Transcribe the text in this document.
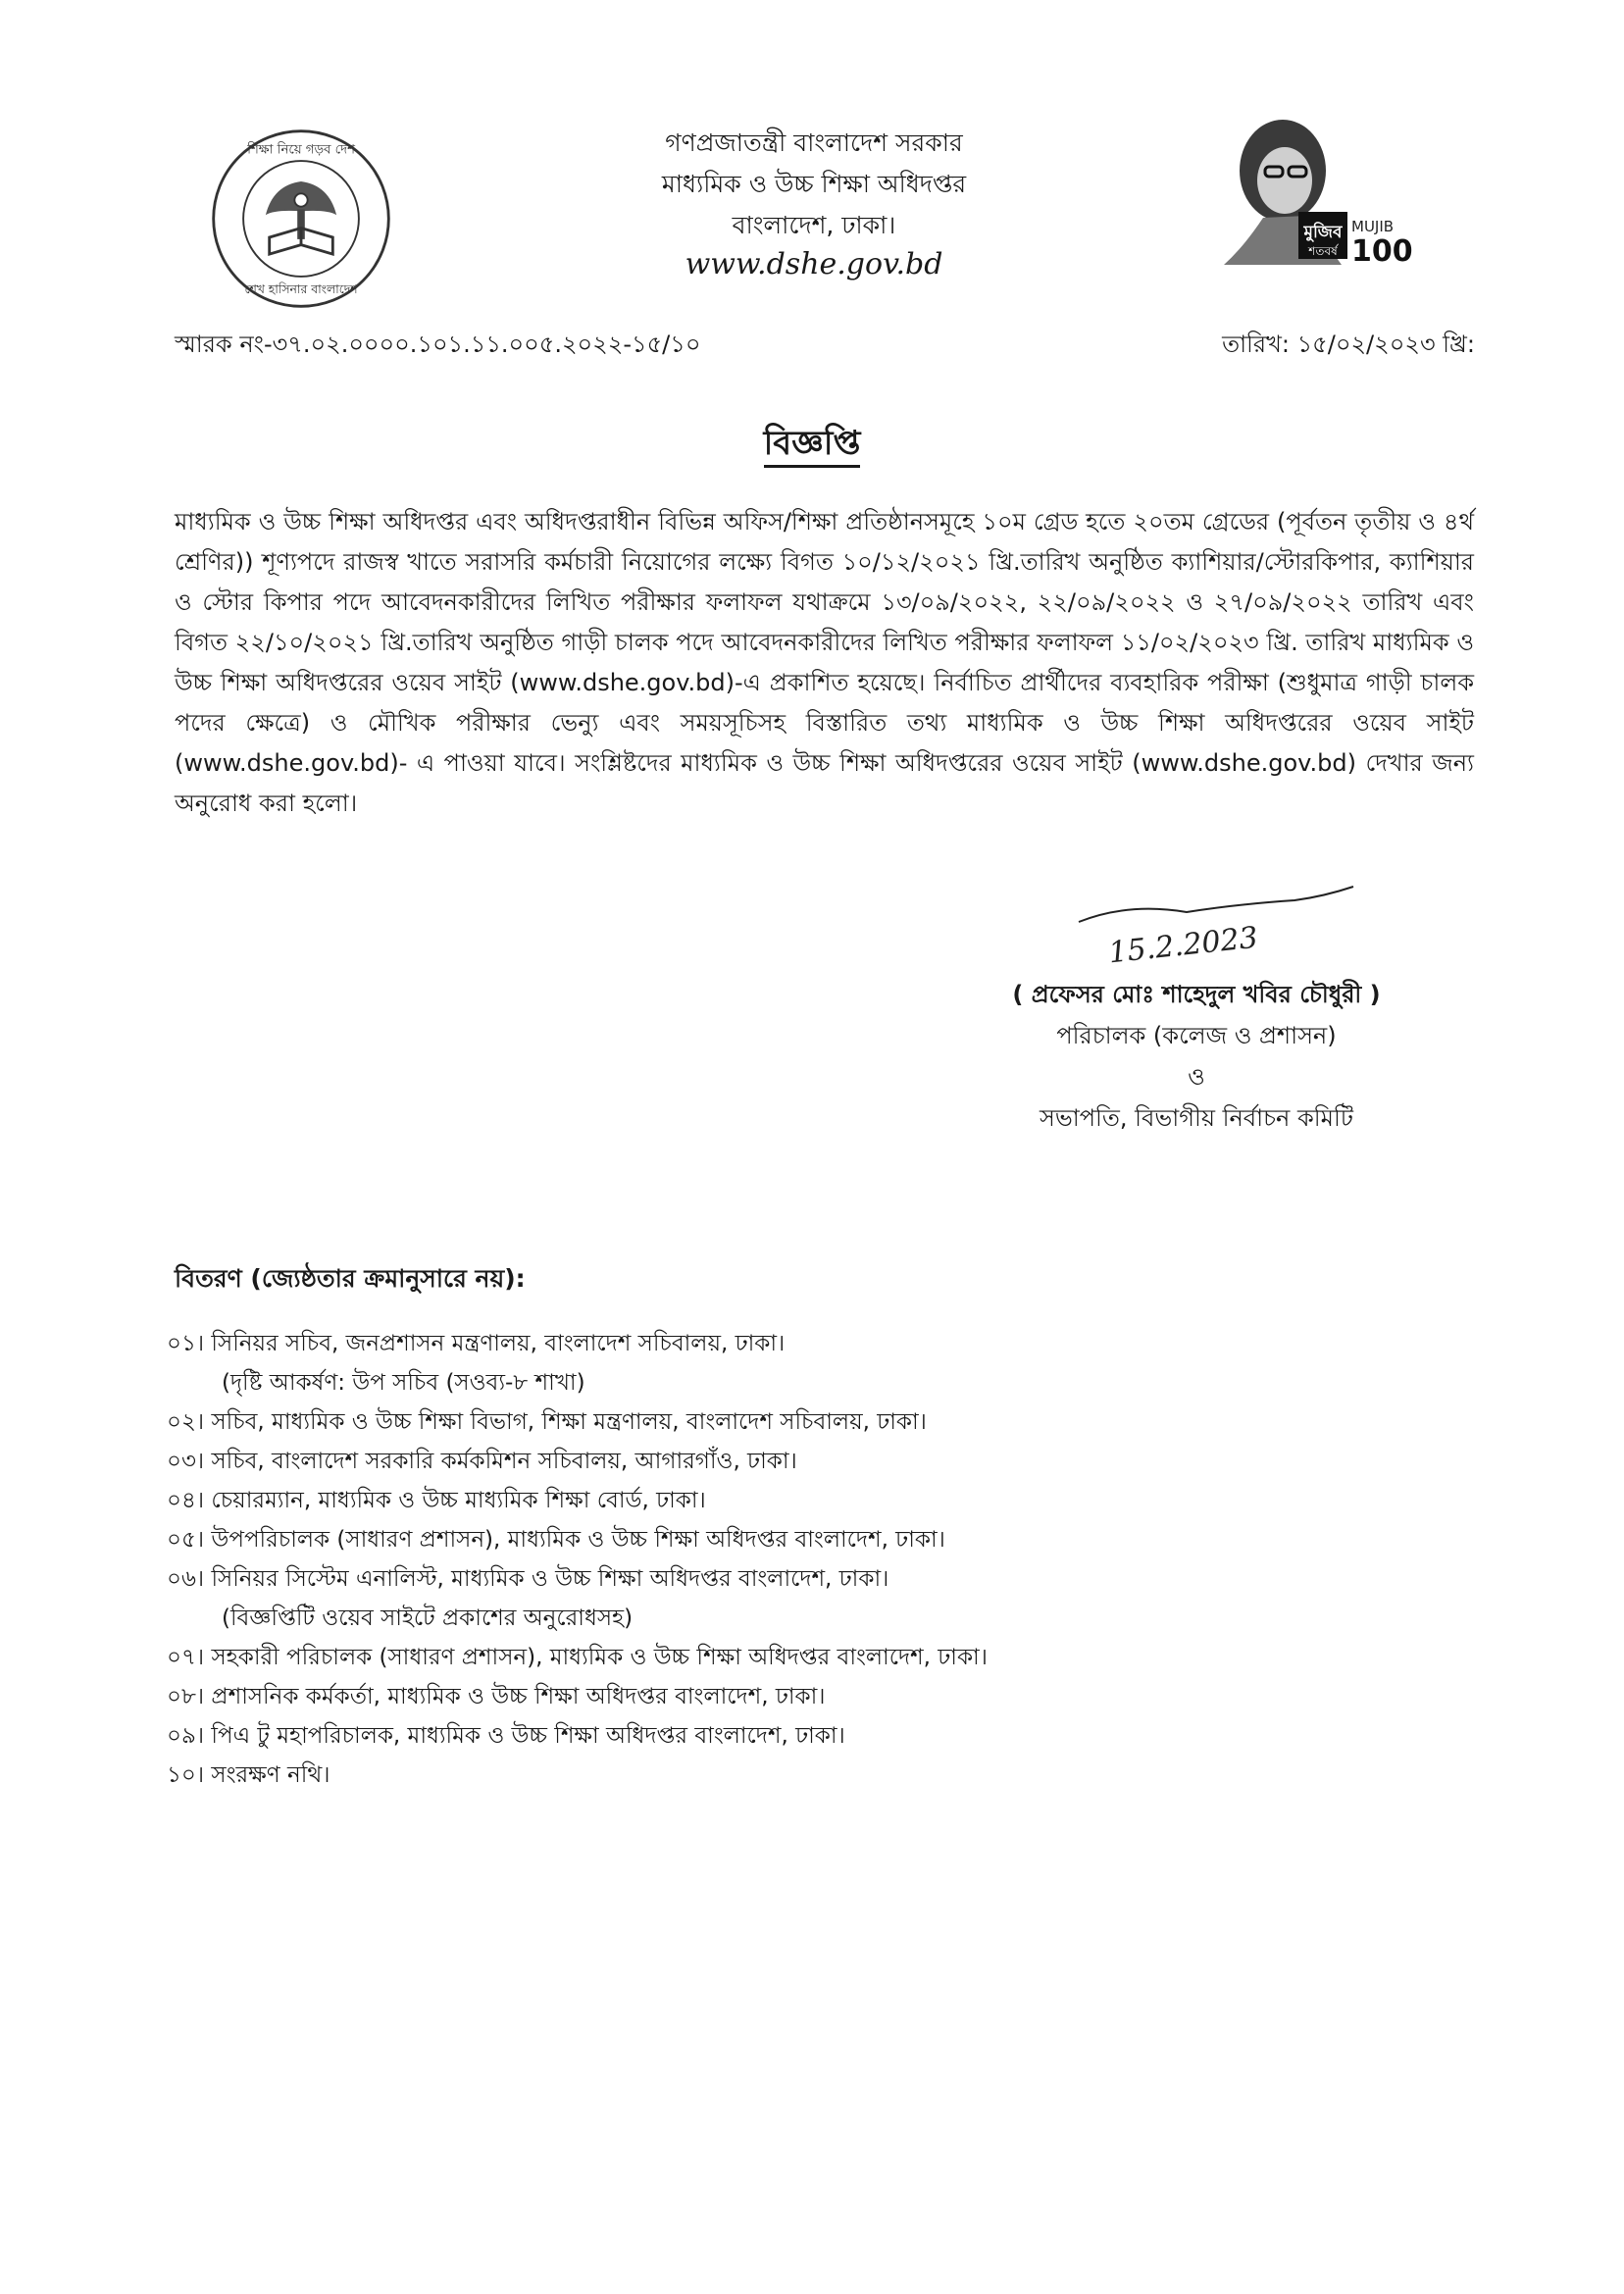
শিক্ষা নিয়ে গড়ব দেশ
শেখ হাসিনার বাংলাদেশ
গণপ্রজাতন্ত্রী বাংলাদেশ সরকার
মাধ্যমিক ও উচ্চ শিক্ষা অধিদপ্তর
বাংলাদেশ, ঢাকা।
www.dshe.gov.bd
মুজিব
শতবর্ষ
MUJIB
100
স্মারক নং-৩৭.০২.০০০০.১০১.১১.০০৫.২০২২-১৫/১০	তারিখ: ১৫/০২/২০২৩ খ্রি:
বিজ্ঞপ্তি
মাধ্যমিক ও উচ্চ শিক্ষা অধিদপ্তর এবং অধিদপ্তরাধীন বিভিন্ন অফিস/শিক্ষা প্রতিষ্ঠানসমূহে ১০ম গ্রেড হতে ২০তম গ্রেডের (পূর্বতন তৃতীয় ও ৪র্থ শ্রেণির)) শূণ্যপদে রাজস্ব খাতে সরাসরি কর্মচারী নিয়োগের লক্ষ্যে বিগত ১০/১২/২০২১ খ্রি.তারিখ অনুষ্ঠিত ক্যাশিয়ার/স্টোরকিপার, ক্যাশিয়ার ও স্টোর কিপার পদে আবেদনকারীদের লিখিত পরীক্ষার ফলাফল যথাক্রমে ১৩/০৯/২০২২, ২২/০৯/২০২২ ও ২৭/০৯/২০২২ তারিখ এবং বিগত ২২/১০/২০২১ খ্রি.তারিখ অনুষ্ঠিত গাড়ী চালক পদে আবেদনকারীদের লিখিত পরীক্ষার ফলাফল ১১/০২/২০২৩ খ্রি. তারিখ মাধ্যমিক ও উচ্চ শিক্ষা অধিদপ্তরের ওয়েব সাইট (www.dshe.gov.bd)-এ প্রকাশিত হয়েছে। নির্বাচিত প্রার্থীদের ব্যবহারিক পরীক্ষা (শুধুমাত্র গাড়ী চালক পদের ক্ষেত্রে) ও মৌখিক পরীক্ষার ভেন্যু এবং সময়সূচিসহ বিস্তারিত তথ্য মাধ্যমিক ও উচ্চ শিক্ষা অধিদপ্তরের ওয়েব সাইট (www.dshe.gov.bd)- এ পাওয়া যাবে। সংশ্লিষ্টদের মাধ্যমিক ও উচ্চ শিক্ষা অধিদপ্তরের ওয়েব সাইট (www.dshe.gov.bd) দেখার জন্য অনুরোধ করা হলো।
15.2.2023
( প্রফেসর মোঃ শাহেদুল খবির চৌধুরী )
পরিচালক (কলেজ ও প্রশাসন)
ও
সভাপতি, বিভাগীয় নির্বাচন কমিটি
বিতরণ (জ্যেষ্ঠতার ক্রমানুসারে নয়):
০১। সিনিয়র সচিব, জনপ্রশাসন মন্ত্রণালয়, বাংলাদেশ সচিবালয়, ঢাকা।
(দৃষ্টি আকর্ষণ: উপ সচিব (সওব্য-৮ শাখা)
০২। সচিব, মাধ্যমিক ও উচ্চ শিক্ষা বিভাগ, শিক্ষা মন্ত্রণালয়, বাংলাদেশ সচিবালয়, ঢাকা।
০৩। সচিব, বাংলাদেশ সরকারি কর্মকমিশন সচিবালয়, আগারগাঁও, ঢাকা।
০৪। চেয়ারম্যান, মাধ্যমিক ও উচ্চ মাধ্যমিক শিক্ষা বোর্ড, ঢাকা।
০৫। উপপরিচালক (সাধারণ প্রশাসন), মাধ্যমিক ও উচ্চ শিক্ষা অধিদপ্তর বাংলাদেশ, ঢাকা।
০৬। সিনিয়র সিস্টেম এনালিস্ট, মাধ্যমিক ও উচ্চ শিক্ষা অধিদপ্তর বাংলাদেশ, ঢাকা।
(বিজ্ঞপ্তিটি ওয়েব সাইটে প্রকাশের অনুরোধসহ)
০৭। সহকারী পরিচালক (সাধারণ প্রশাসন), মাধ্যমিক ও উচ্চ শিক্ষা অধিদপ্তর বাংলাদেশ, ঢাকা।
০৮। প্রশাসনিক কর্মকর্তা, মাধ্যমিক ও উচ্চ শিক্ষা অধিদপ্তর বাংলাদেশ, ঢাকা।
০৯। পিএ টু মহাপরিচালক, মাধ্যমিক ও উচ্চ শিক্ষা অধিদপ্তর বাংলাদেশ, ঢাকা।
১০। সংরক্ষণ নথি।
